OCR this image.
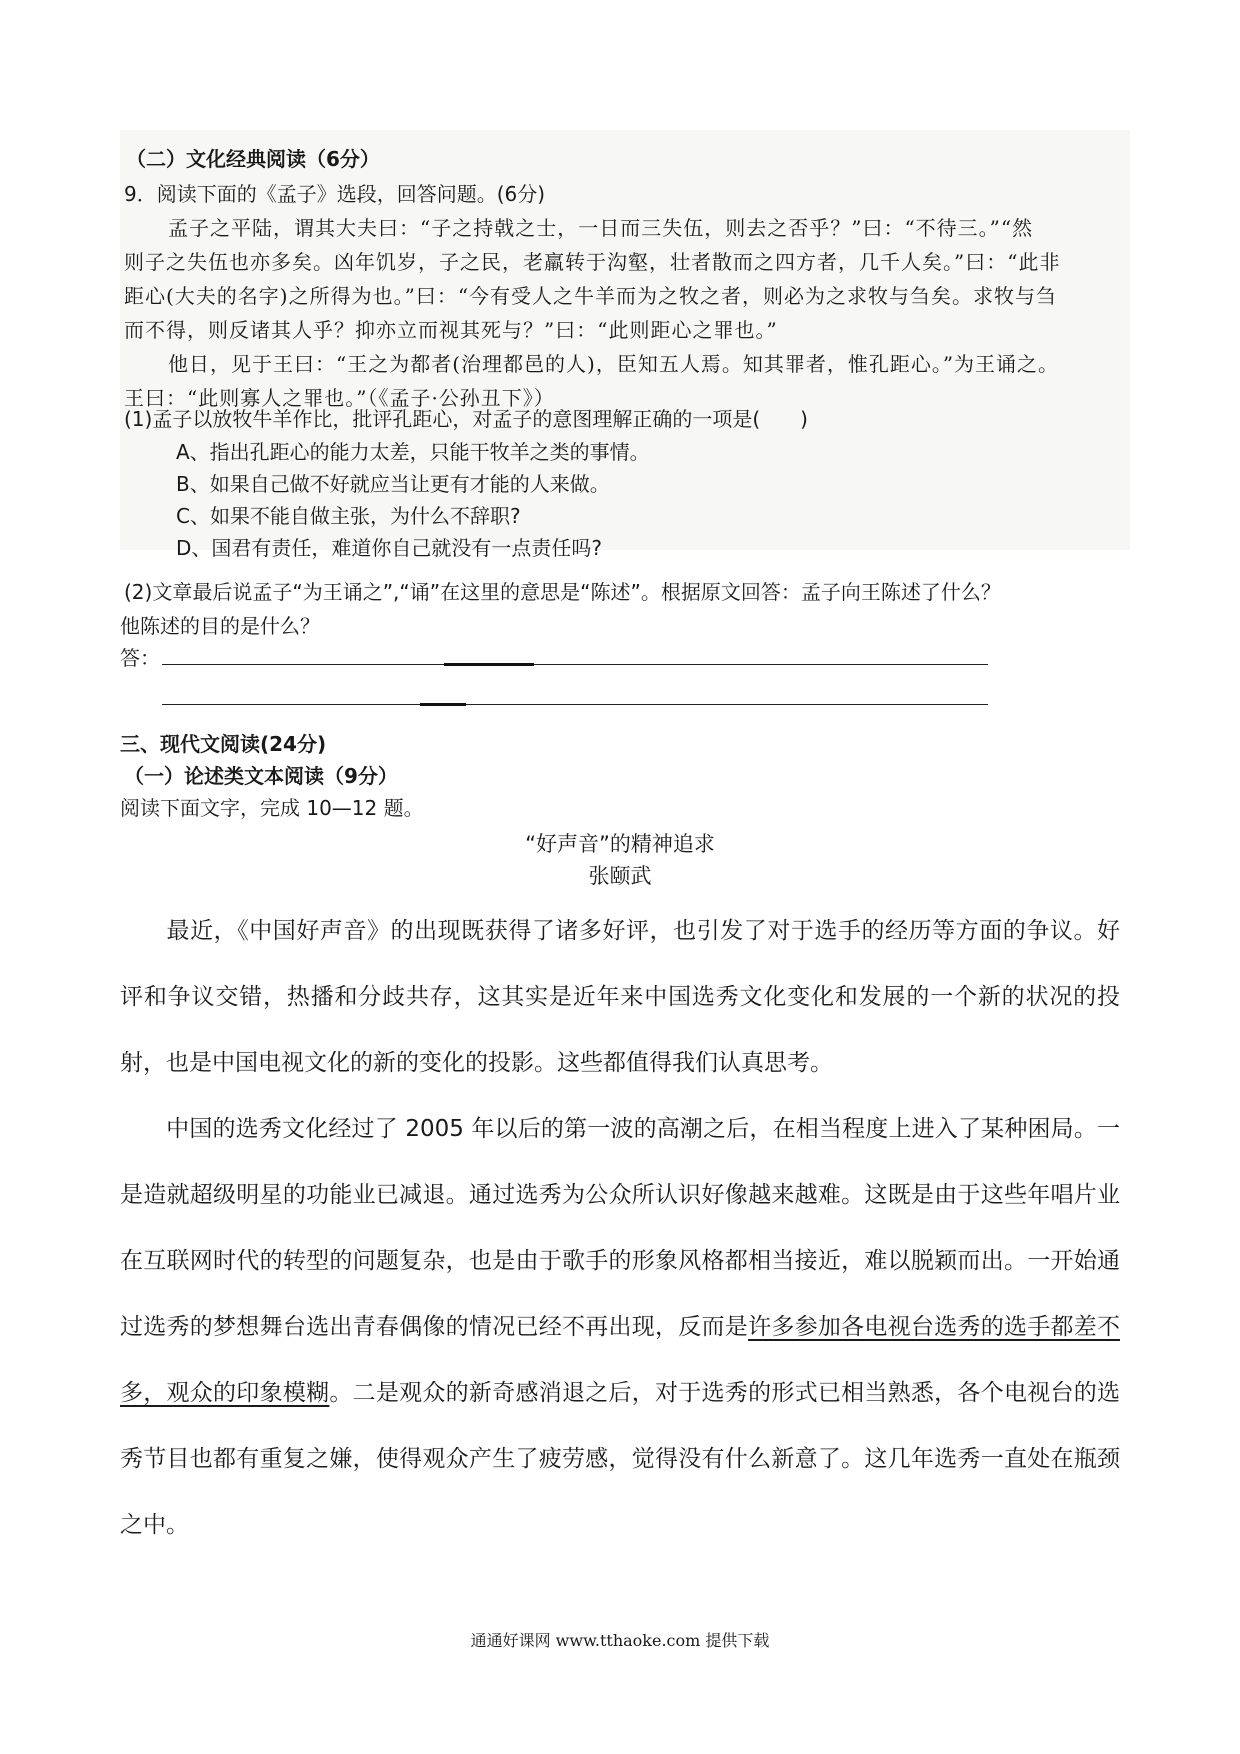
（二）文化经典阅读（6分）
9．阅读下面的《孟子》选段，回答问题。(6分)
孟子之平陆，谓其大夫曰：“子之持戟之士，一日而三失伍，则去之否乎？”曰：“不待三。”“然
则子之失伍也亦多矣。凶年饥岁，子之民，老羸转于沟壑，壮者散而之四方者，几千人矣。”曰：“此非
距心(大夫的名字)之所得为也。”曰：“今有受人之牛羊而为之牧之者，则必为之求牧与刍矣。求牧与刍
而不得，则反诸其人乎？抑亦立而视其死与？”曰：“此则距心之罪也。”
他日，见于王曰：“王之为都者(治理都邑的人)，臣知五人焉。知其罪者，惟孔距心。”为王诵之。
王曰：“此则寡人之罪也。”（《孟子·公孙丑下》）
(1)孟子以放牧牛羊作比，批评孔距心，对孟子的意图理解正确的一项是(　　)
A、指出孔距心的能力太差，只能干牧羊之类的事情。
B、如果自己做不好就应当让更有才能的人来做。
C、如果不能自做主张，为什么不辞职?
D、国君有责任，难道你自己就没有一点责任吗?
(2)文章最后说孟子“为王诵之”,“诵”在这里的意思是“陈述”。根据原文回答：孟子向王陈述了什么？
他陈述的目的是什么？
答：
三、现代文阅读(24分)
（一）论述类文本阅读（9分）
阅读下面文字，完成 10—12 题。
“好声音”的精神追求
张颐武
最近，《中国好声音》的出现既获得了诸多好评，也引发了对于选手的经历等方面的争议。好评和争议交错，热播和分歧共存，这其实是近年来中国选秀文化变化和发展的一个新的状况的投射，也是中国电视文化的新的变化的投影。这些都值得我们认真思考。
中国的选秀文化经过了 2005 年以后的第一波的高潮之后，在相当程度上进入了某种困局。一是造就超级明星的功能业已减退。通过选秀为公众所认识好像越来越难。这既是由于这些年唱片业在互联网时代的转型的问题复杂，也是由于歌手的形象风格都相当接近，难以脱颖而出。一开始通过选秀的梦想舞台选出青春偶像的情况已经不再出现，反而是许多参加各电视台选秀的选手都差不多，观众的印象模糊。二是观众的新奇感消退之后，对于选秀的形式已相当熟悉，各个电视台的选秀节目也都有重复之嫌，使得观众产生了疲劳感，觉得没有什么新意了。这几年选秀一直处在瓶颈之中。
通通好课网 www.tthaoke.com 提供下载
